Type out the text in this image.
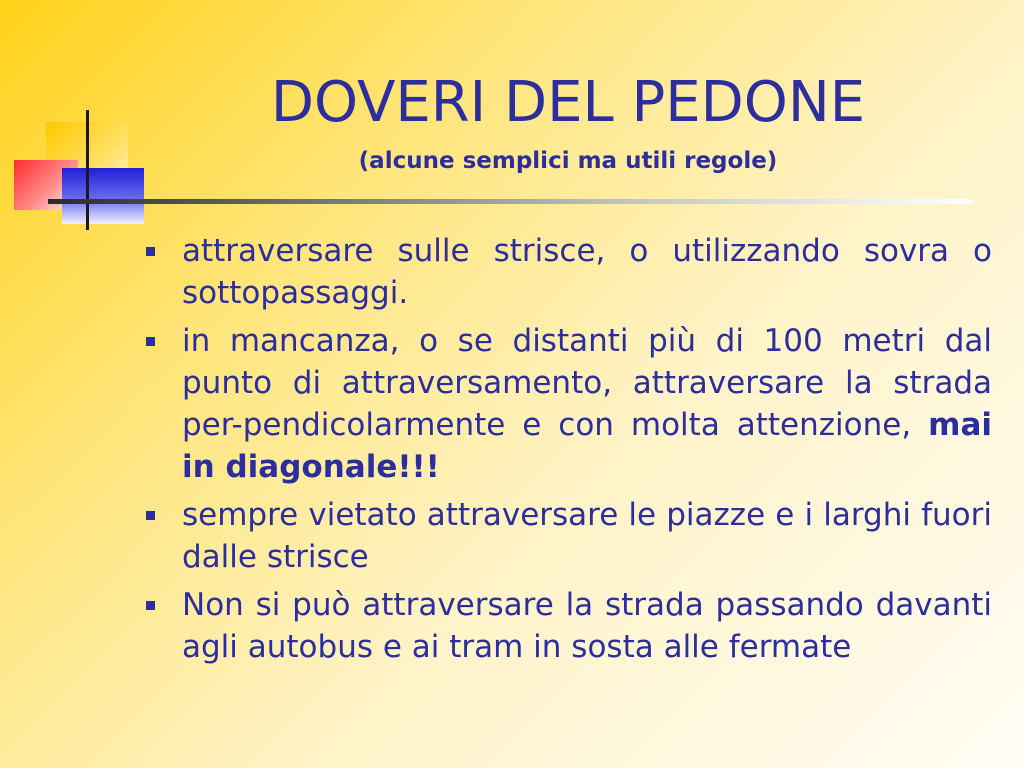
DOVERI DEL PEDONE
(alcune semplici ma utili regole)
attraversare sulle strisce, o utilizzando sovra o sottopassaggi.
in mancanza, o se distanti più di 100 metri dal punto di attraversamento, attraversare la strada per-pendicolarmente e con molta attenzione, mai in diagonale!!!
sempre vietato attraversare le piazze e i larghi fuori dalle strisce
Non si può attraversare la strada passando davanti agli autobus e ai tram in sosta alle fermate
